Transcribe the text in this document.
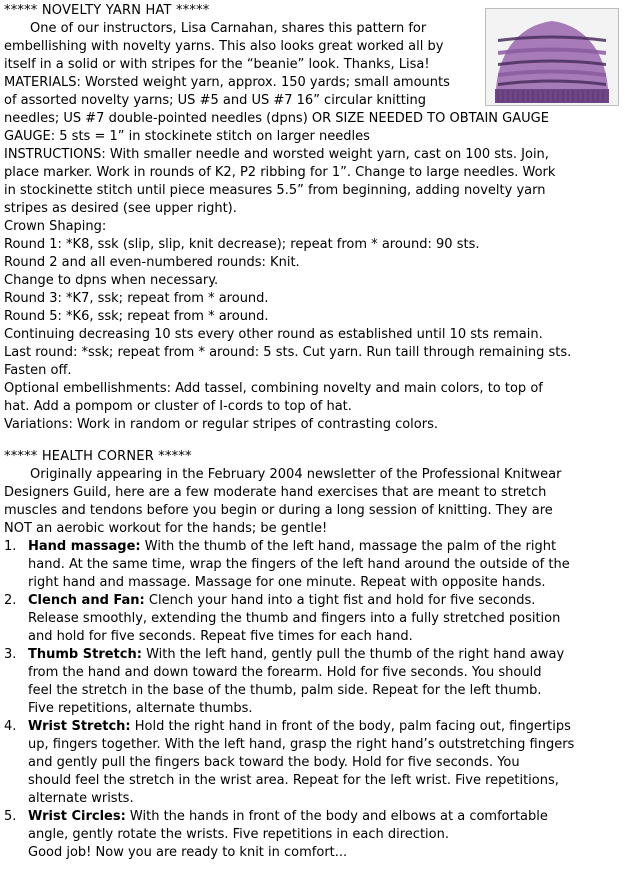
***** NOVELTY YARN HAT *****

One of our instructors, Lisa Carnahan, shares this pattern for

embellishing with novelty yarns. This also looks great worked all by

itself in a solid or with stripes for the “beanie” look. Thanks, Lisa!

MATERIALS: Worsted weight yarn, approx. 150 yards; small amounts

of assorted novelty yarns; US #5 and US #7 16” circular knitting

needles; US #7 double-pointed needles (dpns) OR SIZE NEEDED TO OBTAIN GAUGE

GAUGE: 5 sts = 1” in stockinete stitch on larger needles

INSTRUCTIONS: With smaller needle and worsted weight yarn, cast on 100 sts. Join,

place marker. Work in rounds of K2, P2 ribbing for 1”. Change to large needles. Work

in stockinette stitch until piece measures 5.5” from beginning, adding novelty yarn

stripes as desired (see upper right).

Crown Shaping:

Round 1: *K8, ssk (slip, slip, knit decrease); repeat from * around: 90 sts.

Round 2 and all even-numbered rounds: Knit.

Change to dpns when necessary.

Round 3: *K7, ssk; repeat from * around.

Round 5: *K6, ssk; repeat from * around.

Continuing decreasing 10 sts every other round as established until 10 sts remain.

Last round: *ssk; repeat from * around: 5 sts. Cut yarn. Run taill through remaining sts.

Fasten off.

Optional embellishments: Add tassel, combining novelty and main colors, to top of

hat. Add a pompom or cluster of I-cords to top of hat.

Variations: Work in random or regular stripes of contrasting colors.

***** HEALTH CORNER *****

Originally appearing in the February 2004 newsletter of the Professional Knitwear

Designers Guild, here are a few moderate hand exercises that are meant to stretch

muscles and tendons before you begin or during a long session of knitting. They are

NOT an aerobic workout for the hands; be gentle!

1. Hand massage: With the thumb of the left hand, massage the palm of the right
hand. At the same time, wrap the fingers of the left hand around the outside of the
right hand and massage. Massage for one minute. Repeat with opposite hands.
2. Clench and Fan: Clench your hand into a tight fist and hold for five seconds.
Release smoothly, extending the thumb and fingers into a fully stretched position
and hold for five seconds. Repeat five times for each hand.
3. Thumb Stretch: With the left hand, gently pull the thumb of the right hand away
from the hand and down toward the forearm. Hold for five seconds. You should
feel the stretch in the base of the thumb, palm side. Repeat for the left thumb.
Five repetitions, alternate thumbs.
4. Wrist Stretch: Hold the right hand in front of the body, palm facing out, fingertips
up, fingers together. With the left hand, grasp the right hand’s outstretching fingers
and gently pull the fingers back toward the body. Hold for five seconds. You
should feel the stretch in the wrist area. Repeat for the left wrist. Five repetitions,
alternate wrists.
5. Wrist Circles: With the hands in front of the body and elbows at a comfortable
angle, gently rotate the wrists. Five repetitions in each direction.

Good job! Now you are ready to knit in comfort...
